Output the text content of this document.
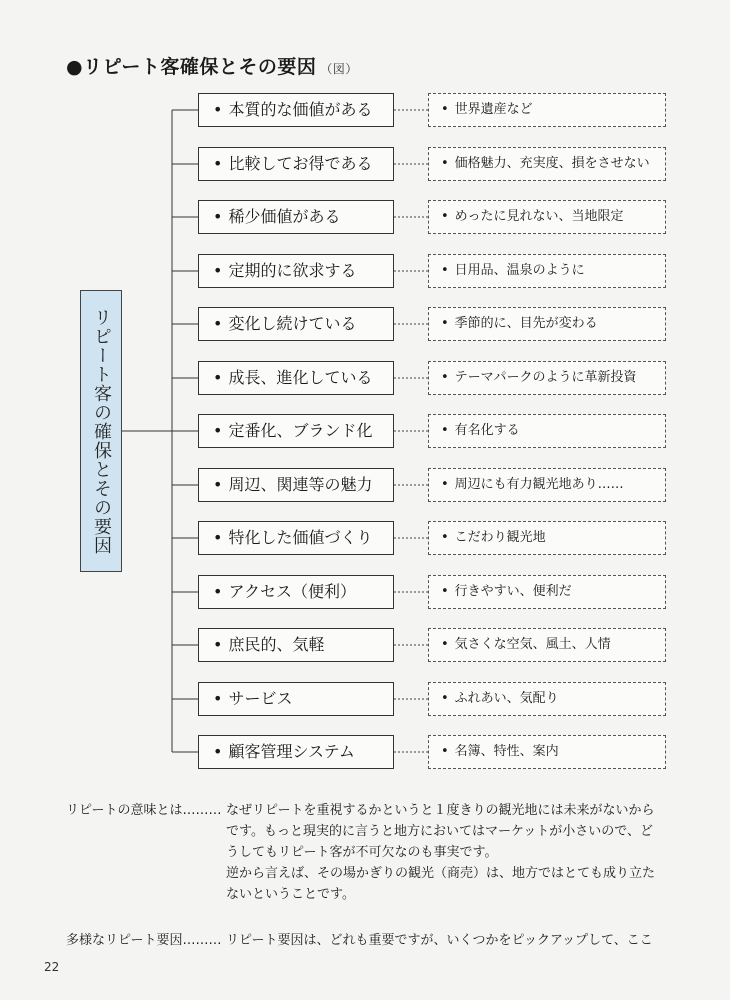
●リピート客確保とその要因 （図）
リピート客の確保とその要因
• 本質的な価値がある	• 世界遺産など
• 比較してお得である	• 価格魅力、充実度、損をさせない
• 稀少価値がある	• めったに見れない、当地限定
• 定期的に欲求する	• 日用品、温泉のように
• 変化し続けている	• 季節的に、目先が変わる
• 成長、進化している	• テーマパークのように革新投資
• 定番化、ブランド化	• 有名化する
• 周辺、関連等の魅力	• 周辺にも有力観光地あり……
• 特化した価値づくり	• こだわり観光地
• アクセス（便利）	• 行きやすい、便利だ
• 庶民的、気軽	• 気さくな空気、風土、人情
• サービス	• ふれあい、気配り
• 顧客管理システム	• 名簿、特性、案内
リピートの意味とは……… なぜリピートを重視するかというと１度きりの観光地には未来がないから

です。もっと現実的に言うと地方においてはマーケットが小さいので、ど

うしてもリピート客が不可欠なのも事実です。

逆から言えば、その場かぎりの観光（商売）は、地方ではとても成り立た

ないということです。

多様なリピート要因……… リピート要因は、どれも重要ですが、いくつかをピックアップして、ここ

22
